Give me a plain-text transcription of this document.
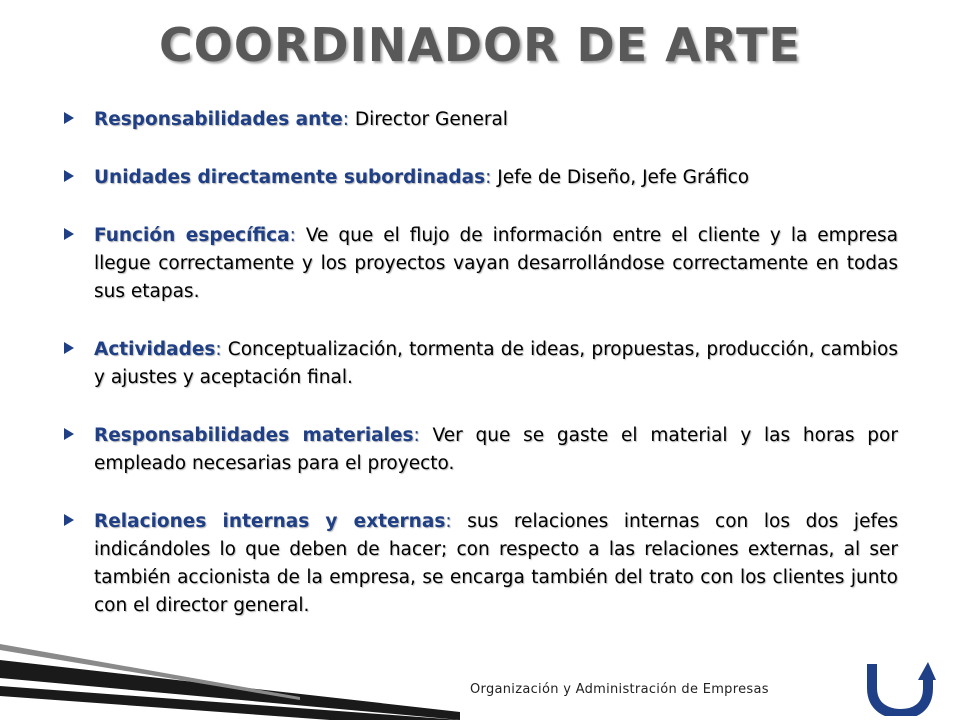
COORDINADOR DE ARTE
Responsabilidades ante: Director General
Unidades directamente subordinadas: Jefe de Diseño, Jefe Gráfico
Función específica: Ve que el flujo de información entre el cliente y la empresa llegue correctamente y los proyectos vayan desarrollándose correctamente en todas sus etapas.
Actividades: Conceptualización, tormenta de ideas, propuestas, producción, cambios y ajustes y aceptación final.
Responsabilidades materiales: Ver que se gaste el material y las horas por empleado necesarias para el proyecto.
Relaciones internas y externas: sus relaciones internas con los dos jefes indicándoles lo que deben de hacer; con respecto a las relaciones externas, al ser también accionista de la empresa, se encarga también del trato con los clientes junto con el director general.
Organización y Administración de Empresas
